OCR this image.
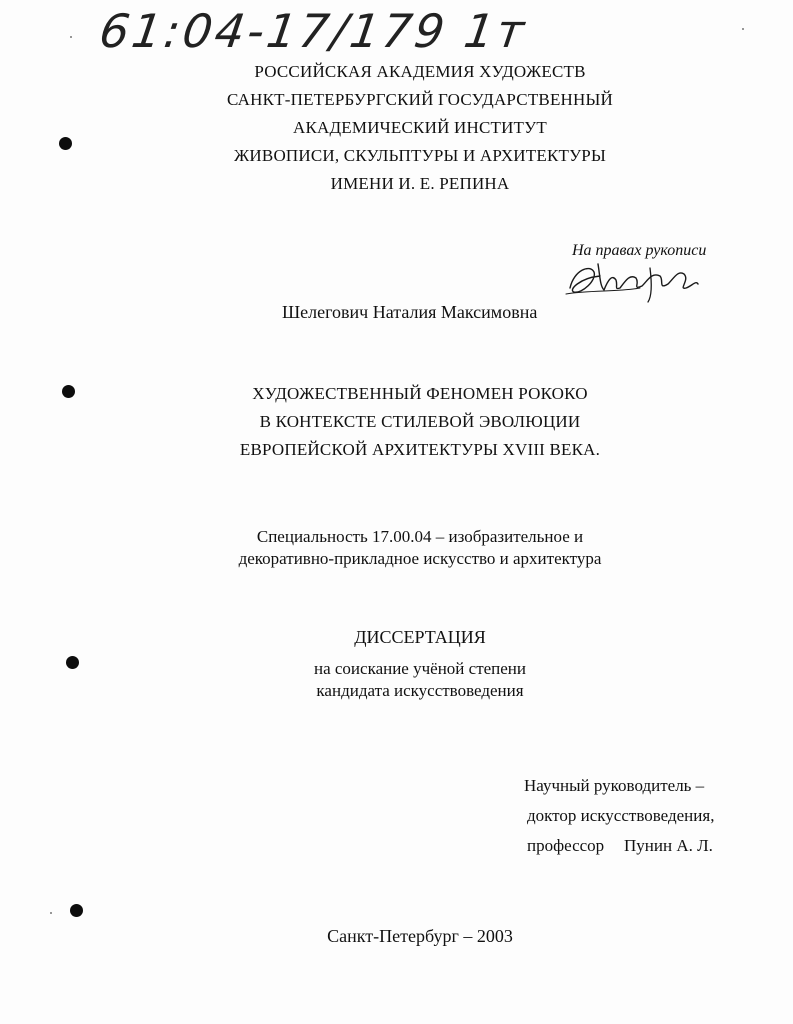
61:04-17/179 1т
РОССИЙСКАЯ АКАДЕМИЯ ХУДОЖЕСТВ
САНКТ-ПЕТЕРБУРГСКИЙ ГОСУДАРСТВЕННЫЙ
АКАДЕМИЧЕСКИЙ ИНСТИТУТ
ЖИВОПИСИ, СКУЛЬПТУРЫ И АРХИТЕКТУРЫ
ИМЕНИ И. Е. РЕПИНА
На правах рукописи
Шелегович Наталия Максимовна
ХУДОЖЕСТВЕННЫЙ ФЕНОМЕН РОКОКО
В КОНТЕКСТЕ СТИЛЕВОЙ ЭВОЛЮЦИИ
ЕВРОПЕЙСКОЙ АРХИТЕКТУРЫ XVIII ВЕКА.
Специальность 17.00.04 – изобразительное и
декоративно-прикладное искусство и архитектура
ДИССЕРТАЦИЯ
на соискание учёной степени
кандидата искусствоведения
Научный руководитель –
доктор искусствоведения,
профессор Пунин А. Л.
Санкт-Петербург – 2003
